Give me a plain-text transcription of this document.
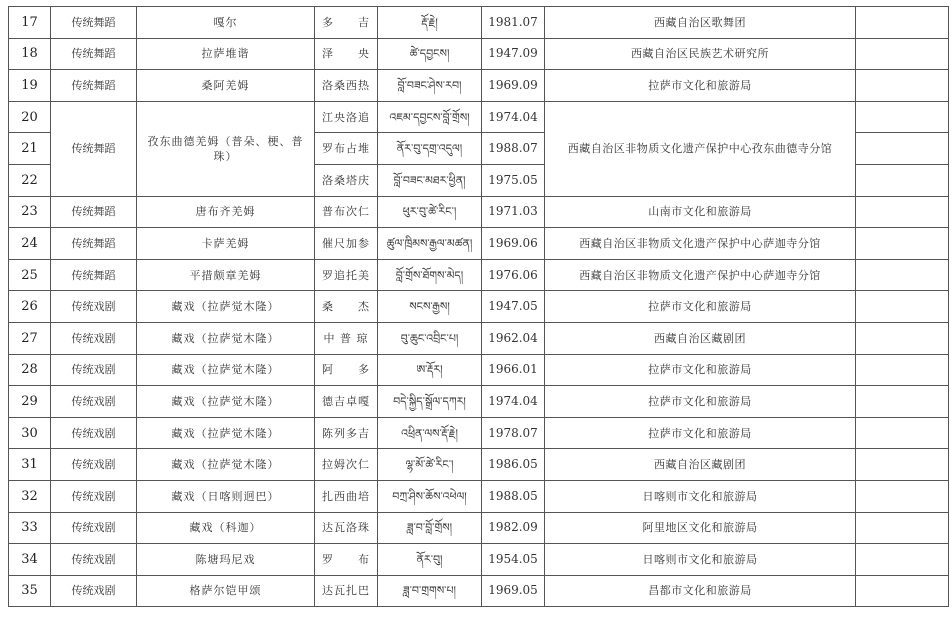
17	传统舞蹈	嘎尔	多　　吉	རྡོ་རྗེ།	1981.07	西藏自治区歌舞团	
18	传统舞蹈	拉萨堆谐	泽　　央	ཚེ་དབྱངས།	1947.09	西藏自治区民族艺术研究所	
19	传统舞蹈	桑阿羌姆	洛桑西热	བློ་བཟང་ཤེས་རབ།	1969.09	拉萨市文化和旅游局	
20	传统舞蹈	孜东曲德羌姆（普朵、梗、普珠）	江央洛追	འཇམ་དབྱངས་བློ་གྲོས།	1974.04	西藏自治区非物质文化遗产保护中心孜东曲德寺分馆	
21			罗布占堆	ནོར་བུ་དགྲ་འདུལ།	1988.07		
22			洛桑塔庆	བློ་བཟང་མཐར་ཕྱིན།	1975.05		
23	传统舞蹈	唐布齐羌姆	普布次仁	ཕུར་བུ་ཚེ་རིང་།	1971.03	山南市文化和旅游局	
24	传统舞蹈	卡萨羌姆	催尺加参	ཚུལ་ཁྲིམས་རྒྱལ་མཚན།	1969.06	西藏自治区非物质文化遗产保护中心萨迦寺分馆	
25	传统舞蹈	平措颇章羌姆	罗追托美	བློ་གྲོས་ཐོགས་མེད།	1976.06	西藏自治区非物质文化遗产保护中心萨迦寺分馆	
26	传统戏剧	藏戏（拉萨觉木隆）	桑　　杰	སངས་རྒྱས།	1947.05	拉萨市文化和旅游局	
27	传统戏剧	藏戏（拉萨觉木隆）	中 普 琼	བུ་ཆུང་འབྲིང་པ།	1962.04	西藏自治区藏剧团	
28	传统戏剧	藏戏（拉萨觉木隆）	阿　　多	ཨ་རྡོར།	1966.01	拉萨市文化和旅游局	
29	传统戏剧	藏戏（拉萨觉木隆）	德吉卓嘎	བདེ་སྐྱིད་སྒྲོལ་དཀར།	1974.04	拉萨市文化和旅游局	
30	传统戏剧	藏戏（拉萨觉木隆）	陈列多吉	འཕྲིན་ལས་རྡོ་རྗེ།	1978.07	拉萨市文化和旅游局	
31	传统戏剧	藏戏（拉萨觉木隆）	拉姆次仁	ལྷ་མོ་ཚེ་རིང་།	1986.05	西藏自治区藏剧团	
32	传统戏剧	藏戏（日喀则迥巴）	扎西曲培	བཀྲ་ཤིས་ཆོས་འཕེལ།	1988.05	日喀则市文化和旅游局	
33	传统戏剧	藏戏（科迦）	达瓦洛珠	ཟླ་བ་བློ་གྲོས།	1982.09	阿里地区文化和旅游局	
34	传统戏剧	陈塘玛尼戏	罗　　布	ནོར་བུ།	1954.05	日喀则市文化和旅游局	
35	传统戏剧	格萨尔铠甲颂	达瓦扎巴	ཟླ་བ་གྲགས་པ།	1969.05	昌都市文化和旅游局	
